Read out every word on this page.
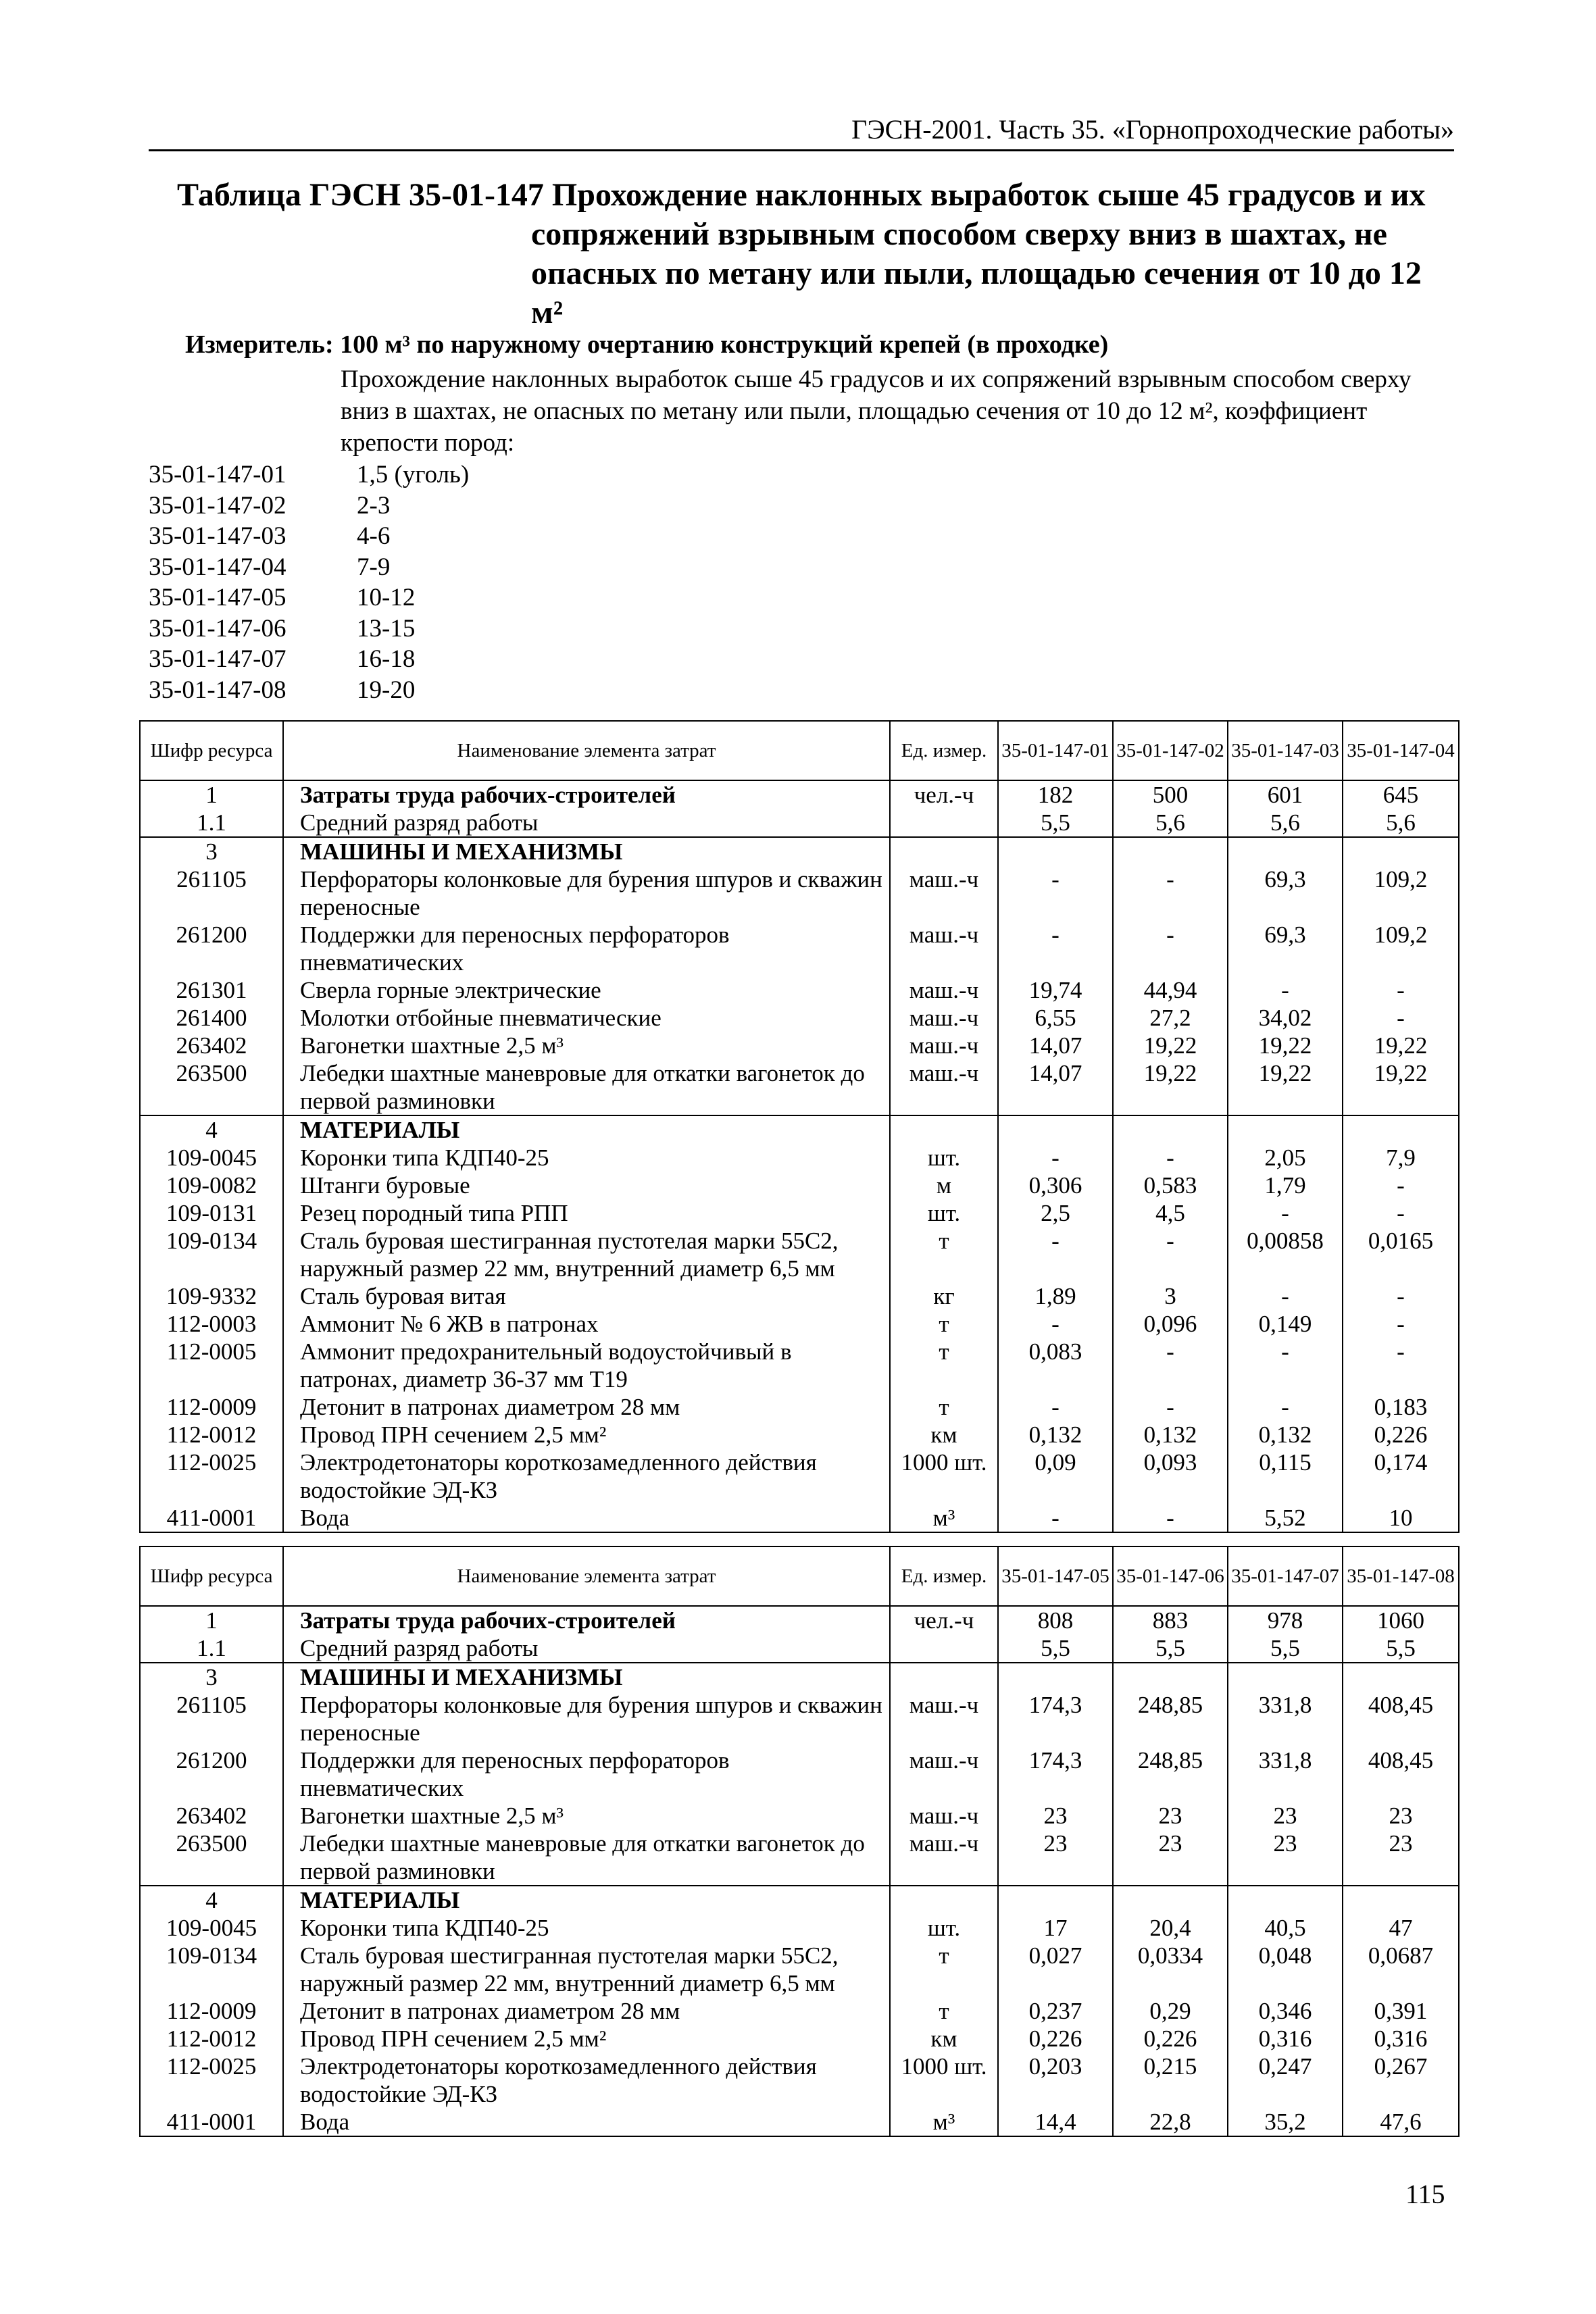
ГЭСН-2001. Часть 35. «Горнопроходческие работы»
Таблица ГЭСН 35-01-147 Прохождение наклонных выработок сыше 45 градусов и их
сопряжений взрывным способом сверху вниз в шахтах, не
опасных по метану или пыли, площадью сечения от 10 до 12
м²
Измеритель: 100 м³ по наружному очертанию конструкций крепей (в проходке)
Прохождение наклонных выработок сыше 45 градусов и их сопряжений взрывным способом сверху вниз в шахтах, не опасных по метану или пыли, площадью сечения от 10 до 12 м², коэффициент крепости пород:
35-01-147-01	1,5 (уголь)
35-01-147-02	2-3
35-01-147-03	4-6
35-01-147-04	7-9
35-01-147-05	10-12
35-01-147-06	13-15
35-01-147-07	16-18
35-01-147-08	19-20
Шифр ресурса	Наименование элемента затрат	Ед. измер.	35-01-147-01	35-01-147-02	35-01-147-03	35-01-147-04
1	Затраты труда рабочих-строителей	чел.-ч	182	500	601	645
1.1	Средний разряд работы		5,5	5,6	5,6	5,6
3	МАШИНЫ И МЕХАНИЗМЫ					
261105	Перфораторы колонковые для бурения шпуров и скважин переносные	маш.-ч	-	-	69,3	109,2
261200	Поддержки для переносных перфораторов пневматических	маш.-ч	-	-	69,3	109,2
261301	Сверла горные электрические	маш.-ч	19,74	44,94	-	-
261400	Молотки отбойные пневматические	маш.-ч	6,55	27,2	34,02	-
263402	Вагонетки шахтные 2,5 м³	маш.-ч	14,07	19,22	19,22	19,22
263500	Лебедки шахтные маневровые для откатки вагонеток до первой разминовки	маш.-ч	14,07	19,22	19,22	19,22
4	МАТЕРИАЛЫ					
109-0045	Коронки типа КДП40-25	шт.	-	-	2,05	7,9
109-0082	Штанги буровые	м	0,306	0,583	1,79	-
109-0131	Резец породный типа РПП	шт.	2,5	4,5	-	-
109-0134	Сталь буровая шестигранная пустотелая марки 55С2, наружный размер 22 мм, внутренний диаметр 6,5 мм	т	-	-	0,00858	0,0165
109-9332	Сталь буровая витая	кг	1,89	3	-	-
112-0003	Аммонит № 6 ЖВ в патронах	т	-	0,096	0,149	-
112-0005	Аммонит предохранительный водоустойчивый в патронах, диаметр 36-37 мм Т19	т	0,083	-	-	-
112-0009	Детонит в патронах диаметром 28 мм	т	-	-	-	0,183
112-0012	Провод ПРН сечением 2,5 мм²	км	0,132	0,132	0,132	0,226
112-0025	Электродетонаторы короткозамедленного действия водостойкие ЭД-КЗ	1000 шт.	0,09	0,093	0,115	0,174
411-0001	Вода	м³	-	-	5,52	10
Шифр ресурса	Наименование элемента затрат	Ед. измер.	35-01-147-05	35-01-147-06	35-01-147-07	35-01-147-08
1	Затраты труда рабочих-строителей	чел.-ч	808	883	978	1060
1.1	Средний разряд работы		5,5	5,5	5,5	5,5
3	МАШИНЫ И МЕХАНИЗМЫ					
261105	Перфораторы колонковые для бурения шпуров и скважин переносные	маш.-ч	174,3	248,85	331,8	408,45
261200	Поддержки для переносных перфораторов пневматических	маш.-ч	174,3	248,85	331,8	408,45
263402	Вагонетки шахтные 2,5 м³	маш.-ч	23	23	23	23
263500	Лебедки шахтные маневровые для откатки вагонеток до первой разминовки	маш.-ч	23	23	23	23
4	МАТЕРИАЛЫ					
109-0045	Коронки типа КДП40-25	шт.	17	20,4	40,5	47
109-0134	Сталь буровая шестигранная пустотелая марки 55С2, наружный размер 22 мм, внутренний диаметр 6,5 мм	т	0,027	0,0334	0,048	0,0687
112-0009	Детонит в патронах диаметром 28 мм	т	0,237	0,29	0,346	0,391
112-0012	Провод ПРН сечением 2,5 мм²	км	0,226	0,226	0,316	0,316
112-0025	Электродетонаторы короткозамедленного действия водостойкие ЭД-КЗ	1000 шт.	0,203	0,215	0,247	0,267
411-0001	Вода	м³	14,4	22,8	35,2	47,6
115
